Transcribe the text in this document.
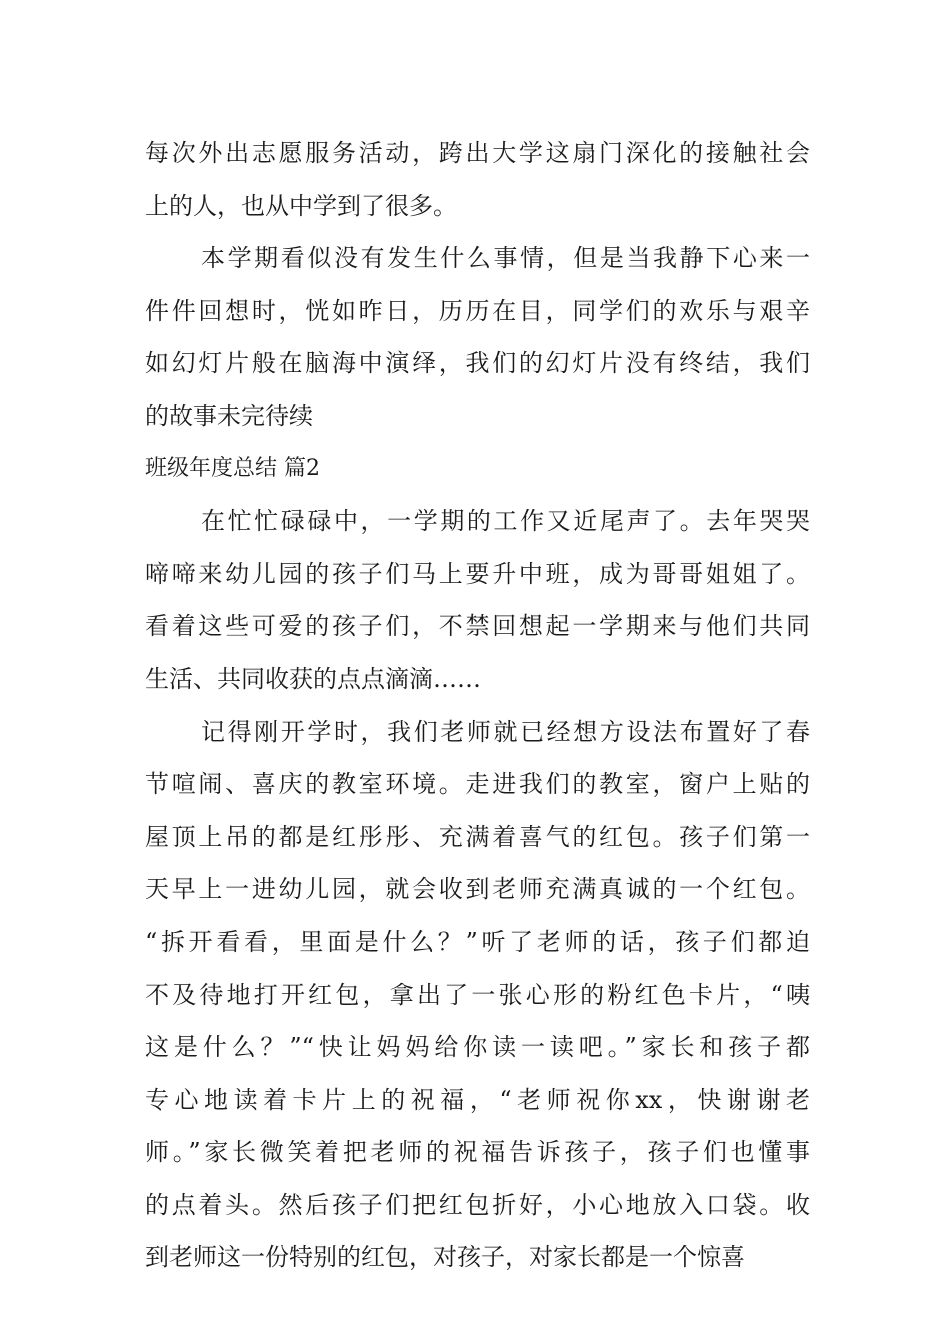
每次外出志愿服务活动，跨出大学这扇门深化的接触社会
上的人，也从中学到了很多。
本学期看似没有发生什么事情，但是当我静下心来一
件件回想时，恍如昨日，历历在目，同学们的欢乐与艰辛
如幻灯片般在脑海中演绎，我们的幻灯片没有终结，我们
的故事未完待续
班级年度总结 篇2
在忙忙碌碌中，一学期的工作又近尾声了。去年哭哭
啼啼来幼儿园的孩子们马上要升中班，成为哥哥姐姐了。
看着这些可爱的孩子们，不禁回想起一学期来与他们共同
生活、共同收获的点点滴滴……
记得刚开学时，我们老师就已经想方设法布置好了春
节喧闹、喜庆的教室环境。走进我们的教室，窗户上贴的
屋顶上吊的都是红彤彤、充满着喜气的红包。孩子们第一
天早上一进幼儿园，就会收到老师充满真诚的一个红包。
“拆开看看，里面是什么？”听了老师的话，孩子们都迫
不及待地打开红包，拿出了一张心形的粉红色卡片，“咦
这是什么？”“快让妈妈给你读一读吧。”家长和孩子都
专心地读着卡片上的祝福，“老师祝你xx，快谢谢老
师。”家长微笑着把老师的祝福告诉孩子，孩子们也懂事
的点着头。然后孩子们把红包折好，小心地放入口袋。收
到老师这一份特别的红包，对孩子，对家长都是一个惊喜
